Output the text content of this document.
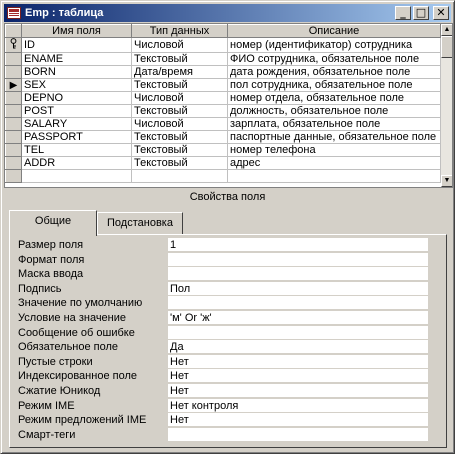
Emp : таблица	_ □ ✕
	Имя поля	Тип данных	Описание
	ID	Числовой	номер (идентификатор) сотрудника
	ENAME	Текстовый	ФИО сотрудника, обязательное поле
	BORN	Дата/время	дата рождения, обязательное поле
▶	SEX	Текстовый	пол сотрудника, обязательное поле
	DEPNO	Числовой	номер отдела, обязательное поле
	POST	Текстовый	должность, обязательное поле
	SALARY	Числовой	зарплата, обязательное поле
	PASSPORT	Текстовый	паспортные данные, обязательное поле
	TEL	Текстовый	номер телефона
	ADDR	Текстовый	адрес

▲
▼
Свойства поля
Общие	Подстановка
Размер поля	1
Формат поля
Маска ввода
Подпись	Пол
Значение по умолчанию
Условие на значение	'м' Or 'ж'
Сообщение об ошибке
Обязательное поле	Да
Пустые строки	Нет
Индексированное поле	Нет
Сжатие Юникод	Нет
Режим IME	Нет контроля
Режим предложений IME Нет
Смарт-теги
